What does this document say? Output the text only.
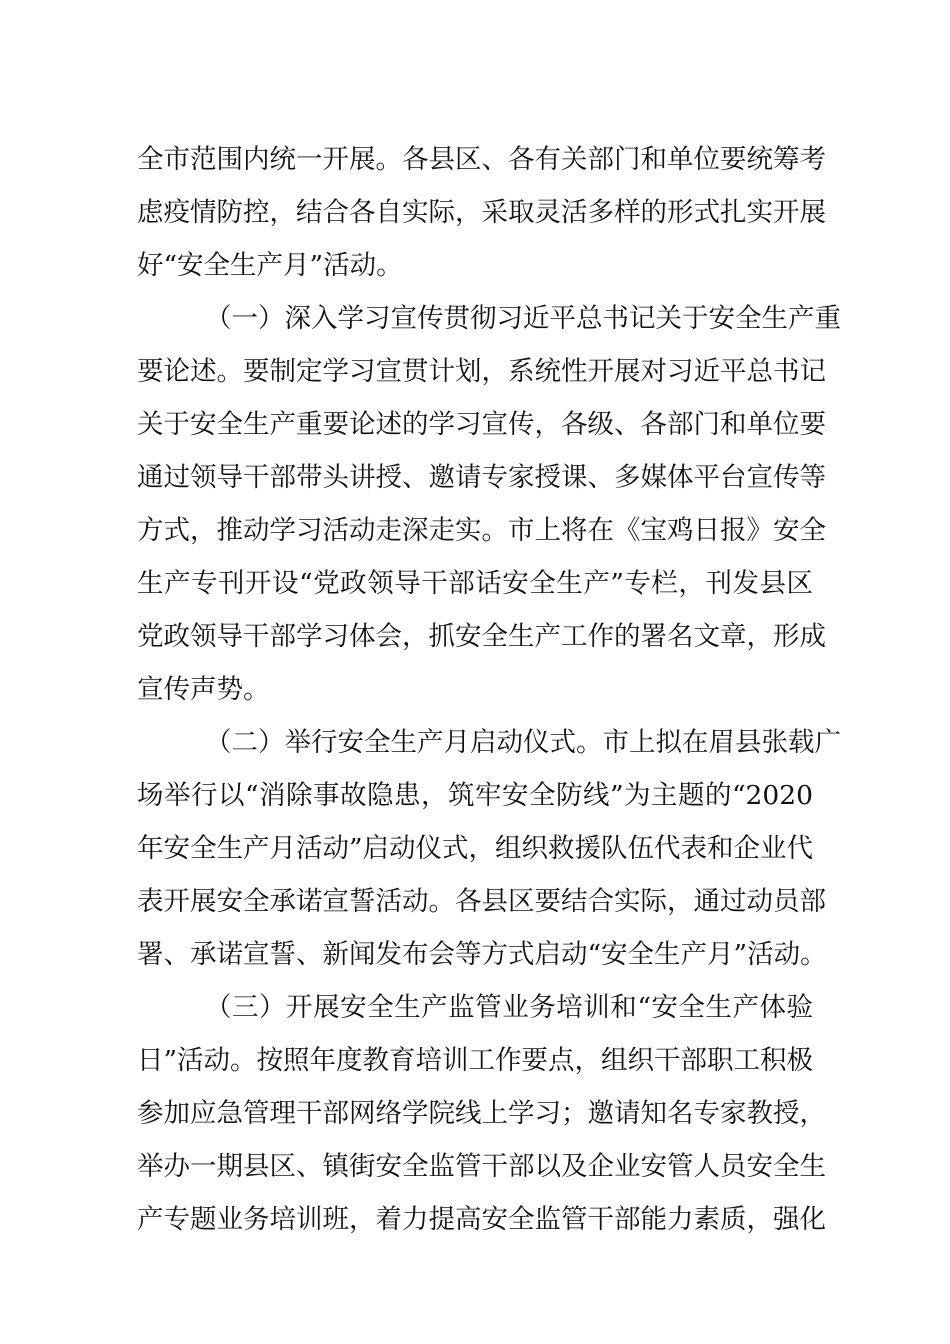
全市范围内统一开展。各县区、各有关部门和单位要统筹考
虑疫情防控，结合各自实际，采取灵活多样的形式扎实开展
好“安全生产月”活动。
（一）深入学习宣传贯彻习近平总书记关于安全生产重
要论述。要制定学习宣贯计划，系统性开展对习近平总书记
关于安全生产重要论述的学习宣传，各级、各部门和单位要
通过领导干部带头讲授、邀请专家授课、多媒体平台宣传等
方式，推动学习活动走深走实。市上将在《宝鸡日报》安全
生产专刊开设“党政领导干部话安全生产”专栏，刊发县区
党政领导干部学习体会，抓安全生产工作的署名文章，形成
宣传声势。
（二）举行安全生产月启动仪式。市上拟在眉县张载广
场举行以“消除事故隐患，筑牢安全防线”为主题的“2020
年安全生产月活动”启动仪式，组织救援队伍代表和企业代
表开展安全承诺宣誓活动。各县区要结合实际，通过动员部
署、承诺宣誓、新闻发布会等方式启动“安全生产月”活动。
（三）开展安全生产监管业务培训和“安全生产体验
日”活动。按照年度教育培训工作要点，组织干部职工积极
参加应急管理干部网络学院线上学习；邀请知名专家教授，
举办一期县区、镇街安全监管干部以及企业安管人员安全生
产专题业务培训班，着力提高安全监管干部能力素质，强化
